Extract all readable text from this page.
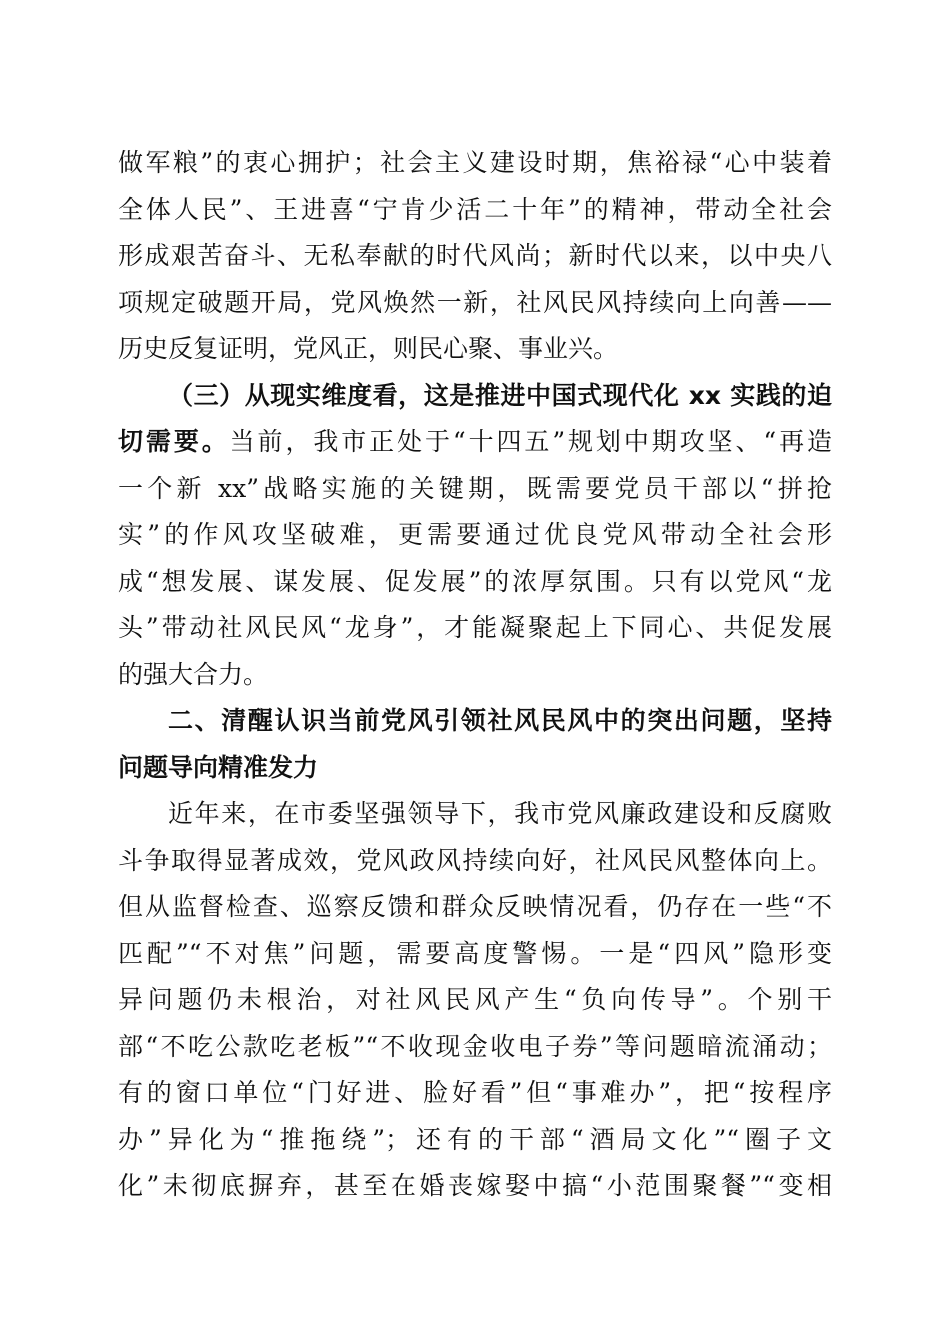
做军粮”的衷心拥护；社会主义建设时期，焦裕禄“心中装着
全体人民”、王进喜“宁肯少活二十年”的精神，带动全社会
形成艰苦奋斗、无私奉献的时代风尚；新时代以来，以中央八
项规定破题开局，党风焕然一新，社风民风持续向上向善——
历史反复证明，党风正，则民心聚、事业兴。
（三）从现实维度看，这是推进中国式现代化 xx 实践的迫
切需要。当前，我市正处于“十四五”规划中期攻坚、“再造
一个新 xx”战略实施的关键期，既需要党员干部以“拼抢
实”的作风攻坚破难，更需要通过优良党风带动全社会形
成“想发展、谋发展、促发展”的浓厚氛围。只有以党风“龙
头”带动社风民风“龙身”，才能凝聚起上下同心、共促发展
的强大合力。
二、清醒认识当前党风引领社风民风中的突出问题，坚持
问题导向精准发力
近年来，在市委坚强领导下，我市党风廉政建设和反腐败
斗争取得显著成效，党风政风持续向好，社风民风整体向上。
但从监督检查、巡察反馈和群众反映情况看，仍存在一些“不
匹配”“不对焦”问题，需要高度警惕。一是“四风”隐形变
异问题仍未根治，对社风民风产生“负向传导”。个别干
部“不吃公款吃老板”“不收现金收电子券”等问题暗流涌动；
有的窗口单位“门好进、脸好看”但“事难办”，把“按程序
办”异化为“推拖绕”；还有的干部“酒局文化”“圈子文
化”未彻底摒弃，甚至在婚丧嫁娶中搞“小范围聚餐”“变相
